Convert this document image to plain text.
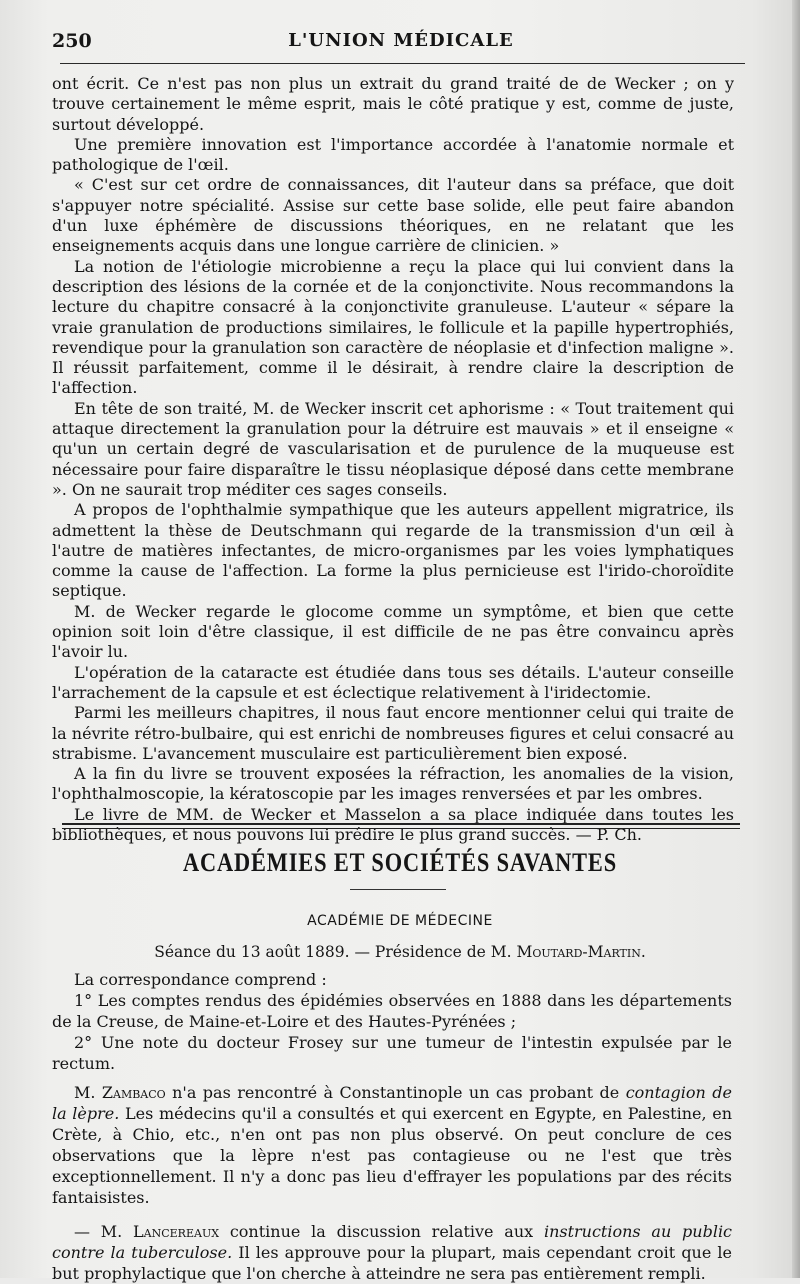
250	L'UNION MÉDICALE

ont écrit. Ce n'est pas non plus un extrait du grand traité de de Wecker ; on y trouve certainement le même esprit, mais le côté pratique y est, comme de juste, surtout développé.

Une première innovation est l'importance accordée à l'anatomie normale et pathologique de l'œil.

« C'est sur cet ordre de connaissances, dit l'auteur dans sa préface, que doit s'appuyer notre spécialité. Assise sur cette base solide, elle peut faire abandon d'un luxe éphémère de discussions théoriques, en ne relatant que les enseignements acquis dans une longue carrière de clinicien. »

La notion de l'étiologie microbienne a reçu la place qui lui convient dans la description des lésions de la cornée et de la conjonctivite. Nous recommandons la lecture du chapitre consacré à la conjonctivite granuleuse. L'auteur « sépare la vraie granulation de productions similaires, le follicule et la papille hypertrophiés, revendique pour la granulation son caractère de néoplasie et d'infection maligne ». Il réussit parfaitement, comme il le désirait, à rendre claire la description de l'affection.

En tête de son traité, M. de Wecker inscrit cet aphorisme : « Tout traitement qui attaque directement la granulation pour la détruire est mauvais » et il enseigne « qu'un un certain degré de vascularisation et de purulence de la muqueuse est nécessaire pour faire disparaître le tissu néoplasique déposé dans cette membrane ». On ne saurait trop méditer ces sages conseils.

A propos de l'ophthalmie sympathique que les auteurs appellent migratrice, ils admettent la thèse de Deutschmann qui regarde de la transmission d'un œil à l'autre de matières infectantes, de micro-organismes par les voies lymphatiques comme la cause de l'affection. La forme la plus pernicieuse est l'irido-choroïdite septique.

M. de Wecker regarde le glocome comme un symptôme, et bien que cette opinion soit loin d'être classique, il est difficile de ne pas être convaincu après l'avoir lu.

L'opération de la cataracte est étudiée dans tous ses détails. L'auteur conseille l'arrachement de la capsule et est éclectique relativement à l'iridectomie.

Parmi les meilleurs chapitres, il nous faut encore mentionner celui qui traite de la névrite rétro-bulbaire, qui est enrichi de nombreuses figures et celui consacré au strabisme. L'avancement musculaire est particulièrement bien exposé.

A la fin du livre se trouvent exposées la réfraction, les anomalies de la vision, l'ophthalmoscopie, la kératoscopie par les images renversées et par les ombres.

Le livre de MM. de Wecker et Masselon a sa place indiquée dans toutes les bibliothèques, et nous pouvons lui prédire le plus grand succès. — P. Ch.

ACADÉMIES ET SOCIÉTÉS SAVANTES
ACADÉMIE DE MÉDECINE
Séance du 13 août 1889. — Présidence de M. Moutard-Martin.

La correspondance comprend :

1° Les comptes rendus des épidémies observées en 1888 dans les départements de la Creuse, de Maine-et-Loire et des Hautes-Pyrénées ;

2° Une note du docteur Frosey sur une tumeur de l'intestin expulsée par le rectum.

M. Zambaco n'a pas rencontré à Constantinople un cas probant de contagion de la lèpre. Les médecins qu'il a consultés et qui exercent en Egypte, en Palestine, en Crète, à Chio, etc., n'en ont pas non plus observé. On peut conclure de ces observations que la lèpre n'est pas contagieuse ou ne l'est que très exceptionnellement. Il n'y a donc pas lieu d'effrayer les populations par des récits fantaisistes.

— M. Lancereaux continue la discussion relative aux instructions au public contre la tuberculose. Il les approuve pour la plupart, mais cependant croit que le but prophylactique que l'on cherche à atteindre ne sera pas entièrement rempli.
